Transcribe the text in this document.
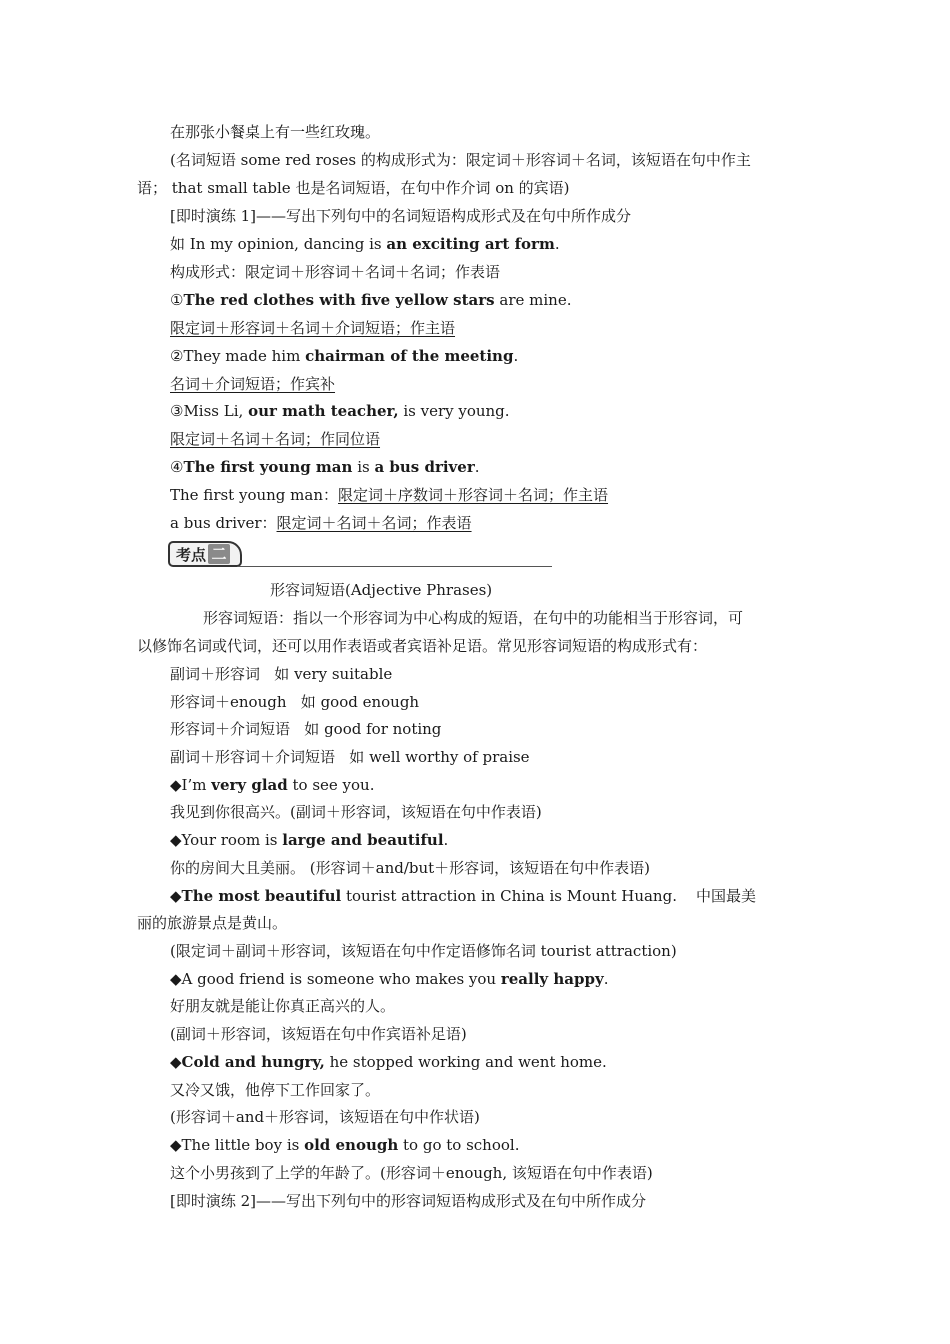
在那张小餐桌上有一些红玫瑰。
(名词短语 some red roses 的构成形式为：限定词＋形容词＋名词，该短语在句中作主
语； that small table 也是名词短语，在句中作介词 on 的宾语)
[即时演练 1]——写出下列句中的名词短语构成形式及在句中所作成分
如 In my opinion, dancing is an exciting art form.
构成形式：限定词＋形容词＋名词＋名词；作表语
①The red clothes with five yellow stars are mine.
限定词＋形容词＋名词＋介词短语；作主语
②They made him chairman of the meeting.
名词＋介词短语；作宾补
③Miss Li, our math teacher, is very young.
限定词＋名词＋名词；作同位语
④The first young man is a bus driver.
The first young man：限定词＋序数词＋形容词＋名词；作主语
a bus driver：限定词＋名词＋名词；作表语
考点 二
形容词短语(Adjective Phrases)
形容词短语：指以一个形容词为中心构成的短语，在句中的功能相当于形容词，可
以修饰名词或代词，还可以用作表语或者宾语补足语。常见形容词短语的构成形式有：
副词＋形容词   如 very suitable
形容词＋enough   如 good enough
形容词＋介词短语   如 good for noting
副词＋形容词＋介词短语   如 well worthy of praise
◆I’m very glad to see you.
我见到你很高兴。(副词＋形容词，该短语在句中作表语)
◆Your room is large and beautiful.
你的房间大且美丽。 (形容词＋and/but＋形容词，该短语在句中作表语)
◆The most beautiful tourist attraction in China is Mount Huang.    中国最美
丽的旅游景点是黄山。
(限定词＋副词＋形容词，该短语在句中作定语修饰名词 tourist attraction)
◆A good friend is someone who makes you really happy.
好朋友就是能让你真正高兴的人。
(副词＋形容词，该短语在句中作宾语补足语)
◆Cold and hungry, he stopped working and went home.
又冷又饿，他停下工作回家了。
(形容词＋and＋形容词，该短语在句中作状语)
◆The little boy is old enough to go to school.
这个小男孩到了上学的年龄了。(形容词＋enough, 该短语在句中作表语)
[即时演练 2]——写出下列句中的形容词短语构成形式及在句中所作成分
